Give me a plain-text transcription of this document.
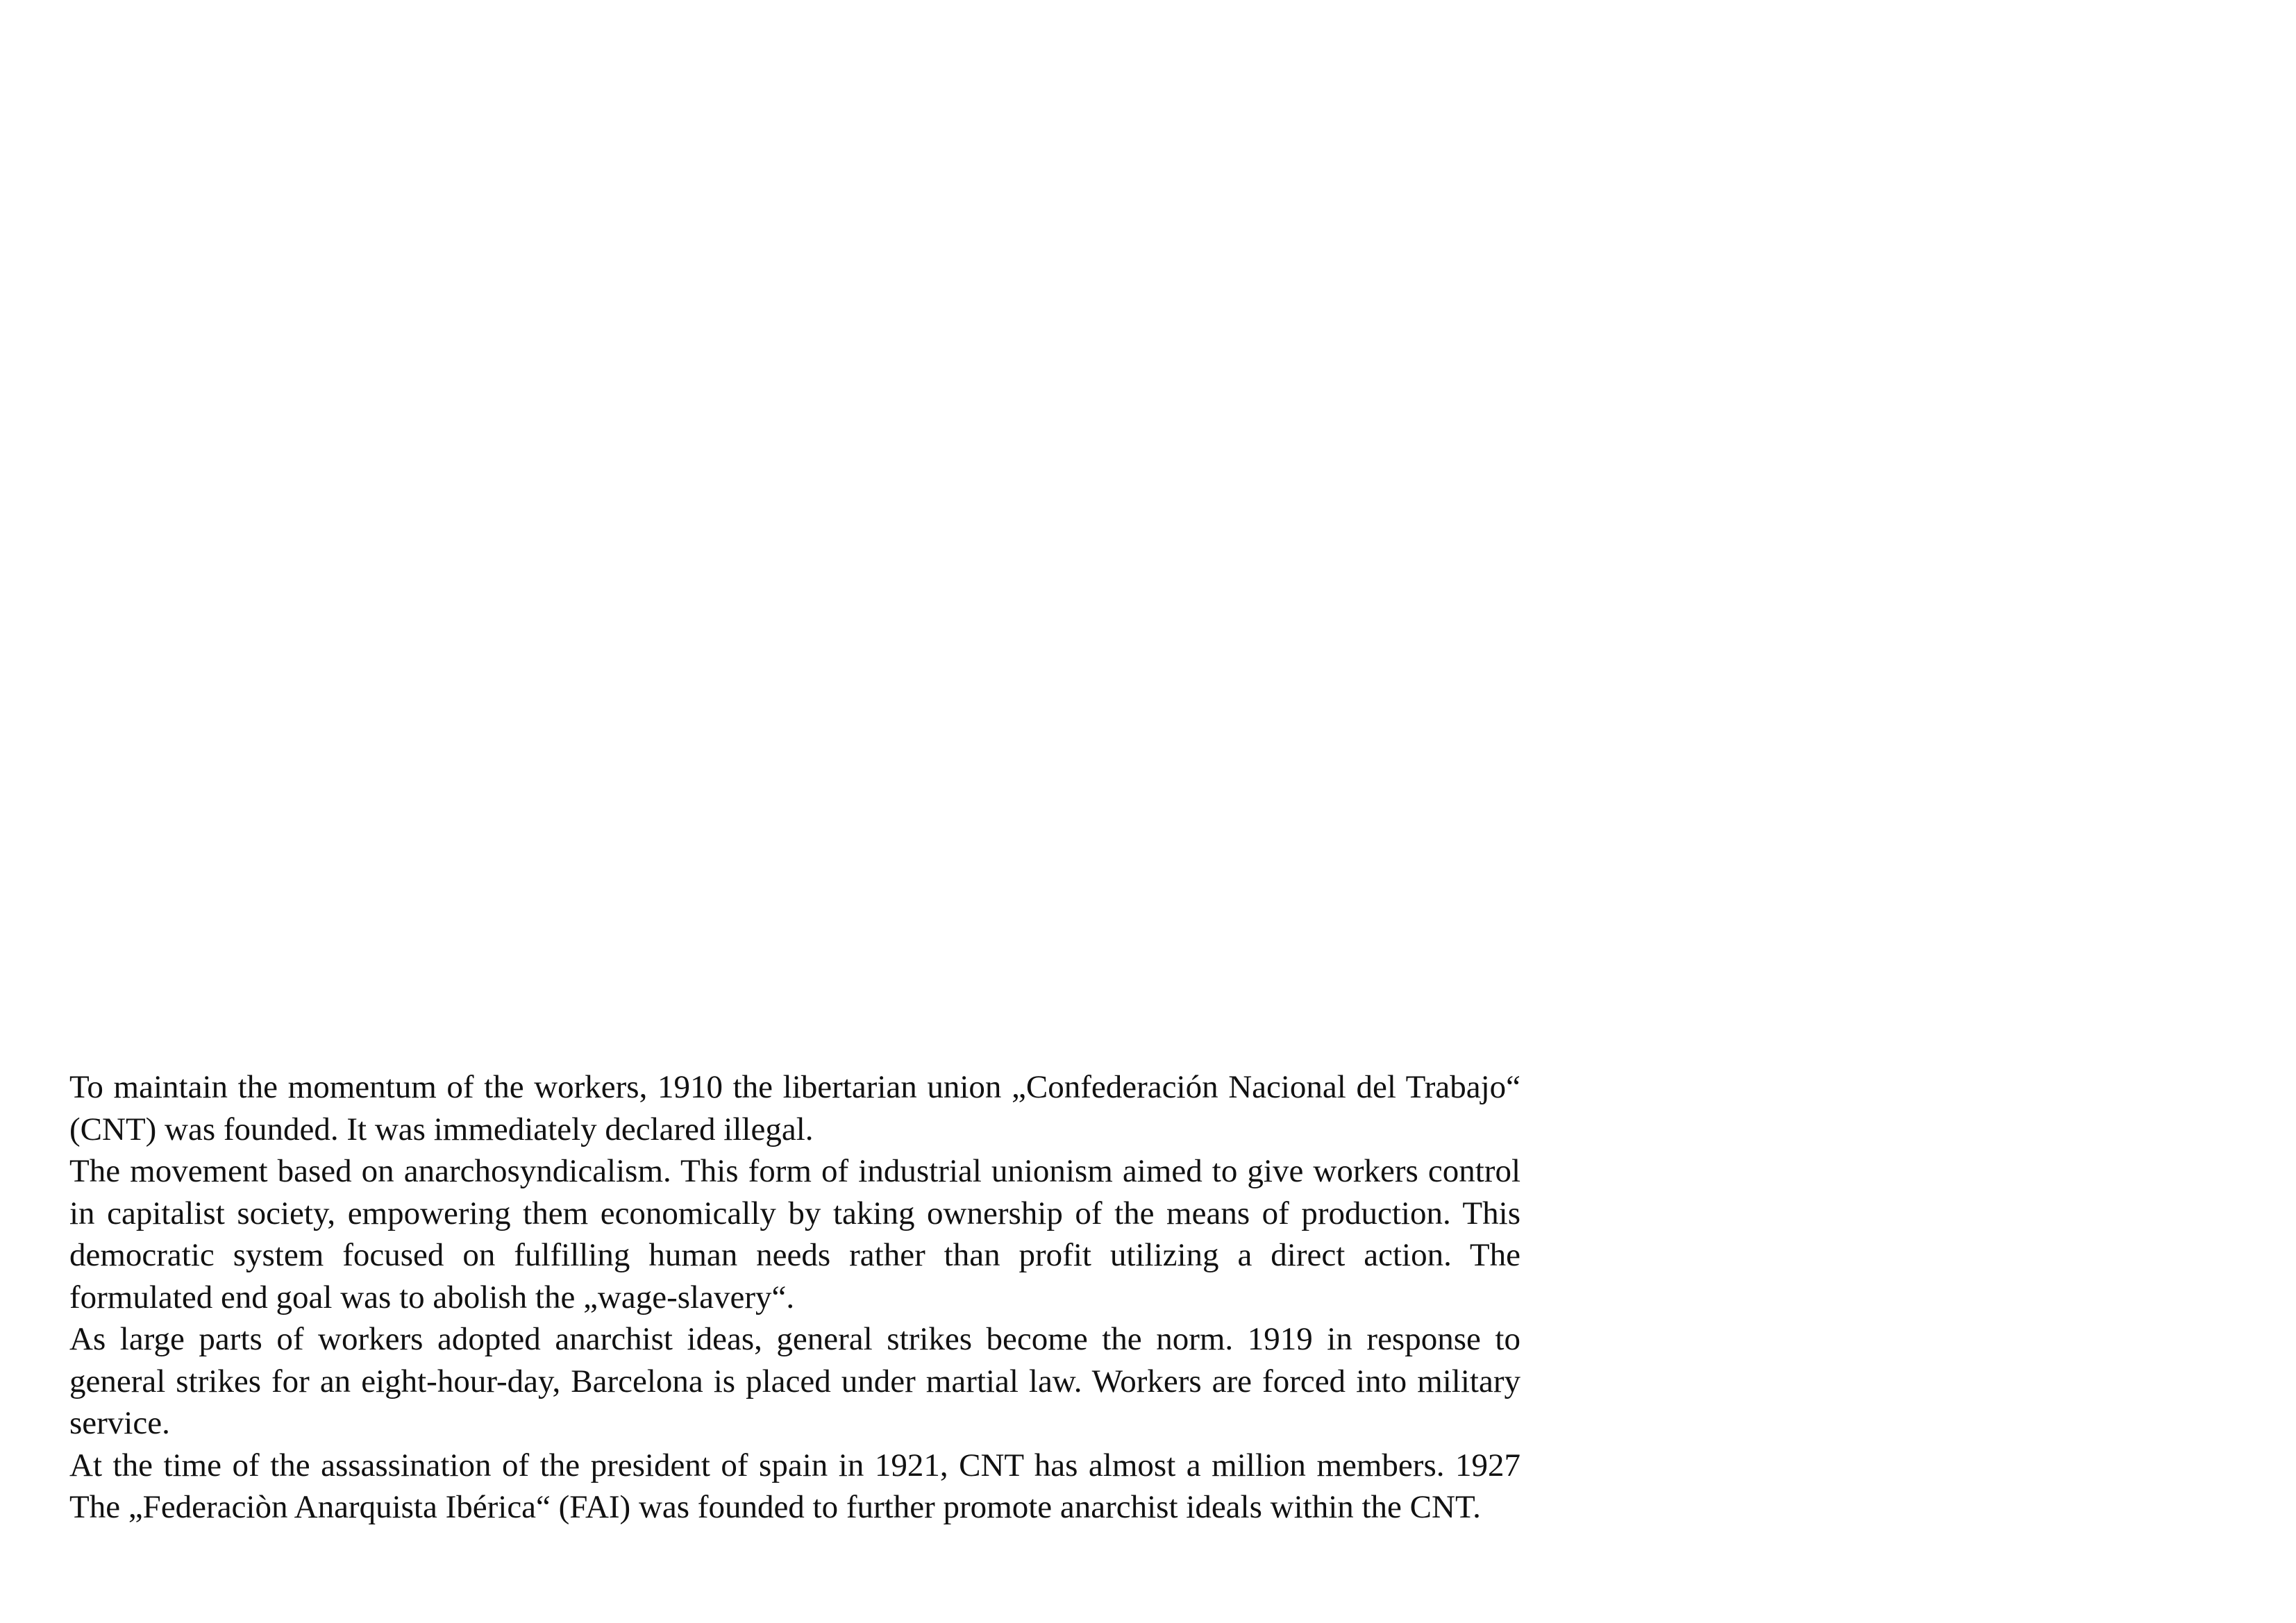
To maintain the momentum of the workers, 1910 the libertarian union „Confederación Nacional del Trabajo“ (CNT) was founded. It was immediately declared illegal.

The movement based on anarchosyndicalism. This form of industrial unionism aimed to give workers control in capitalist society, empowering them economically by taking ownership of the means of production. This democratic system focused on fulfilling human needs rather than profit utilizing a direct action. The formulated end goal was to abolish the „wage-slavery“.

As large parts of workers adopted anarchist ideas, general strikes become the norm. 1919 in response to general strikes for an eight-hour-day, Barcelona is placed under martial law. Workers are forced into military service.

At the time of the assassination of the president of spain in 1921, CNT has almost a million members. 1927 The „Federaciòn Anarquista Ibérica“ (FAI) was founded to further promote anarchist ideals within the CNT.
